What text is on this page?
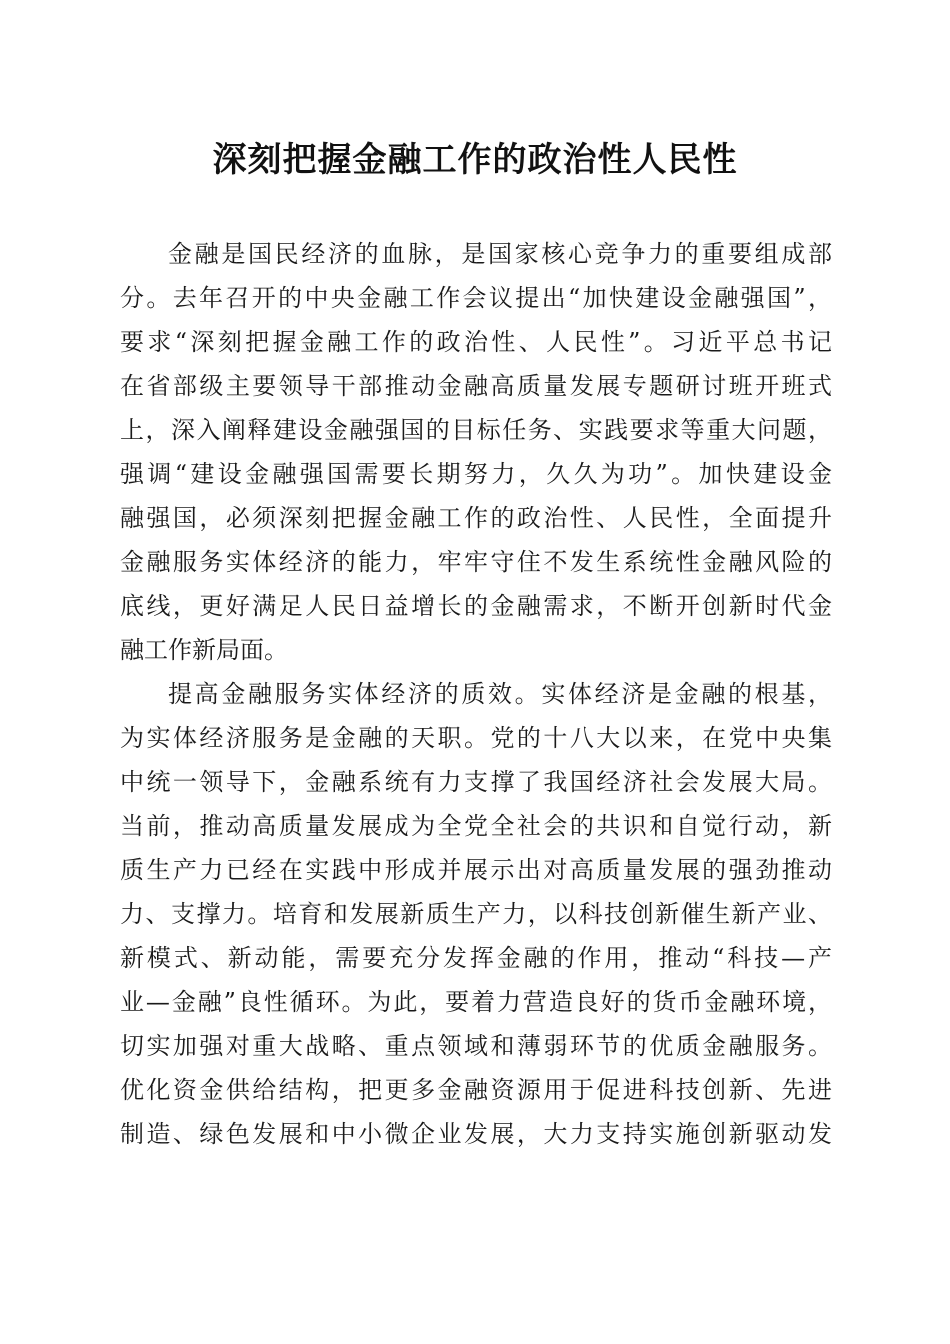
深刻把握金融工作的政治性人民性
金融是国民经济的血脉，是国家核心竞争力的重要组成部
分。去年召开的中央金融工作会议提出“加快建设金融强国”，
要求“深刻把握金融工作的政治性、人民性”。习近平总书记
在省部级主要领导干部推动金融高质量发展专题研讨班开班式
上，深入阐释建设金融强国的目标任务、实践要求等重大问题，
强调“建设金融强国需要长期努力，久久为功”。加快建设金
融强国，必须深刻把握金融工作的政治性、人民性，全面提升
金融服务实体经济的能力，牢牢守住不发生系统性金融风险的
底线，更好满足人民日益增长的金融需求，不断开创新时代金
融工作新局面。
提高金融服务实体经济的质效。实体经济是金融的根基，
为实体经济服务是金融的天职。党的十八大以来，在党中央集
中统一领导下，金融系统有力支撑了我国经济社会发展大局。
当前，推动高质量发展成为全党全社会的共识和自觉行动，新
质生产力已经在实践中形成并展示出对高质量发展的强劲推动
力、支撑力。培育和发展新质生产力，以科技创新催生新产业、
新模式、新动能，需要充分发挥金融的作用，推动“科技—产
业—金融”良性循环。为此，要着力营造良好的货币金融环境，
切实加强对重大战略、重点领域和薄弱环节的优质金融服务。
优化资金供给结构，把更多金融资源用于促进科技创新、先进
制造、绿色发展和中小微企业发展，大力支持实施创新驱动发
